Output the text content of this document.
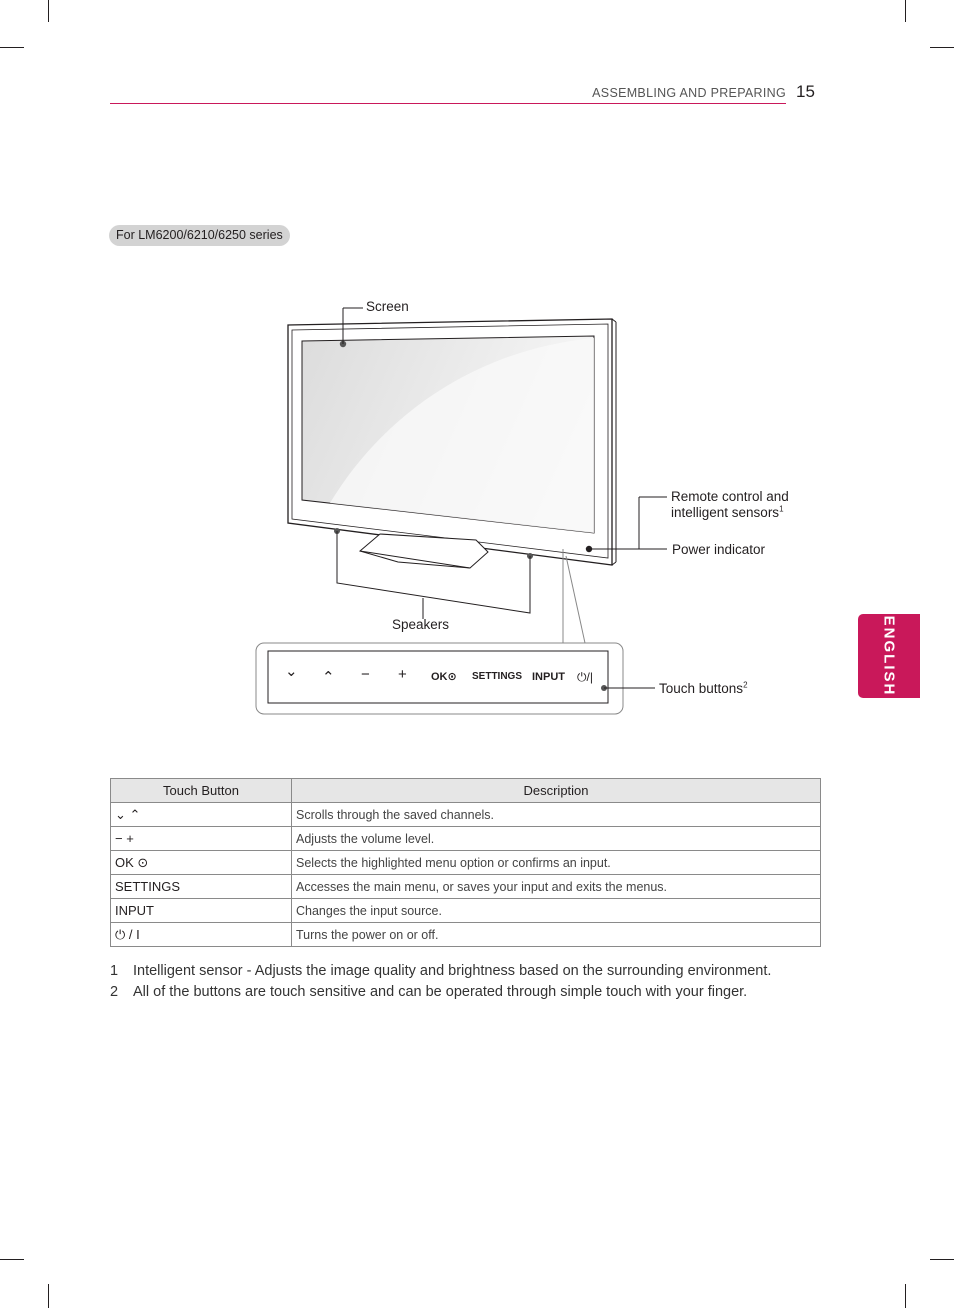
ASSEMBLING AND PREPARING 15
For LM6200/6210/6250 series
ENGLISH
Screen
Remote control and
intelligent sensors$^1$
Power indicator
Speakers
Touch buttons$^2$
⌄ ⌃ − + OK⊙ SETTINGS INPUT ⏻/|
Touch Button	Description
⌄ ⌃	Scrolls through the saved channels.
− +	Adjusts the volume level.
OK ⊙	Selects the highlighted menu option or confirms an input.
SETTINGS	Accesses the main menu, or saves your input and exits the menus.
INPUT	Changes the input source.
⏻ / I	Turns the power on or off.
1	Intelligent sensor - Adjusts the image quality and brightness based on the surrounding environment.
2	All of the buttons are touch sensitive and can be operated through simple touch with your finger.
